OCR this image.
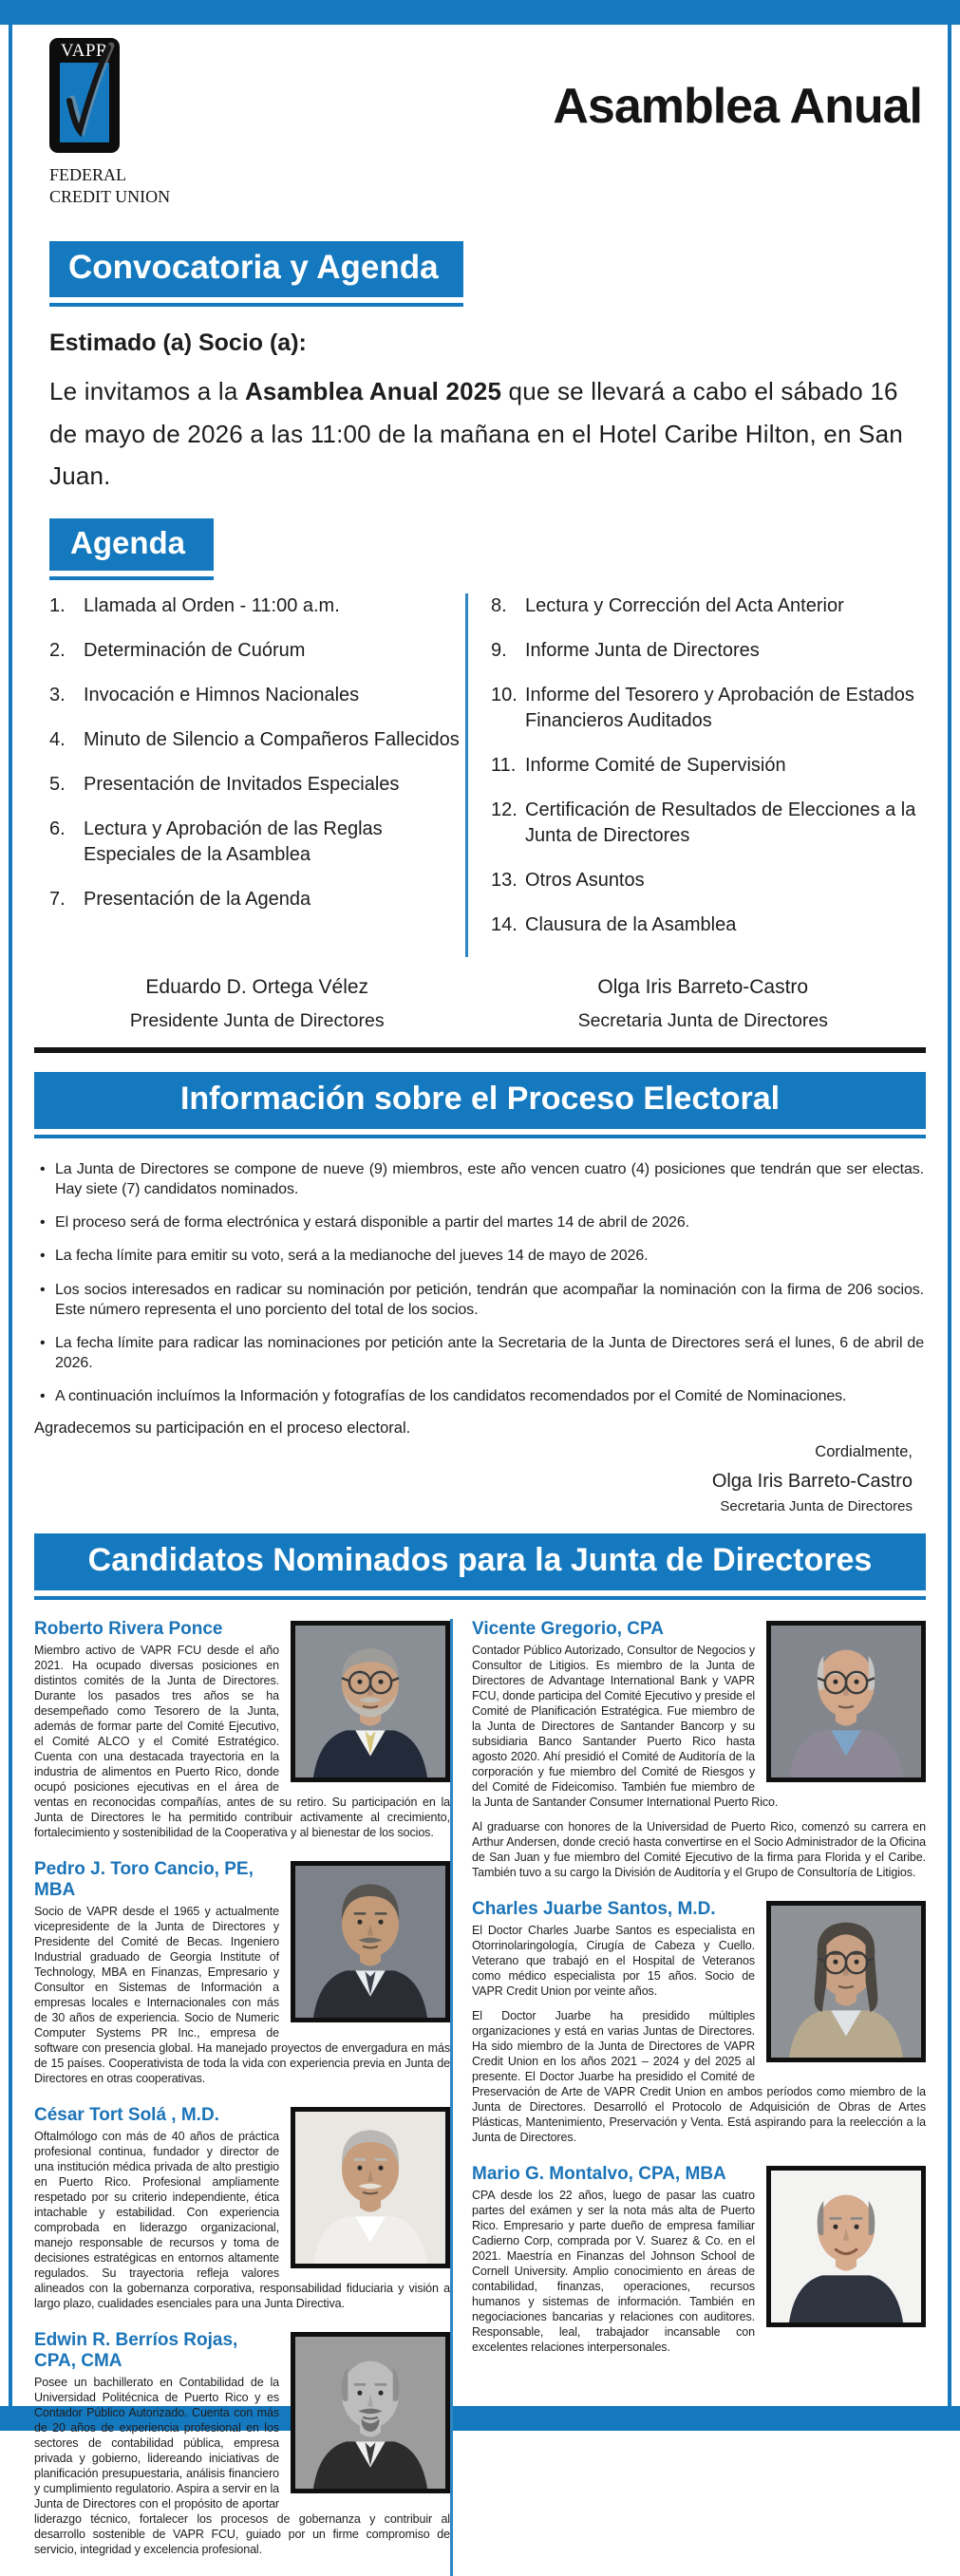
VAPR
FEDERAL
CREDIT UNION
Asamblea Anual
Convocatoria y Agenda
Estimado (a) Socio (a):

Le invitamos a la Asamblea Anual 2025 que se llevará a cabo el sábado 16 de mayo de 2026 a las 11:00 de la mañana en el Hotel Caribe Hilton, en San Juan.

Agenda
1. Llamada al Orden - 11:00 a.m.
2. Determinación de Cuórum
3. Invocación e Himnos Nacionales
4. Minuto de Silencio a Compañeros Fallecidos
5. Presentación de Invitados Especiales
6. Lectura y Aprobación de las Reglas Especiales de la Asamblea
7. Presentación de la Agenda
8. Lectura y Corrección del Acta Anterior
9. Informe Junta de Directores
10. Informe del Tesorero y Aprobación de Estados Financieros Auditados
11. Informe Comité de Supervisión
12. Certificación de Resultados de Elecciones a la Junta de Directores
13. Otros Asuntos
14. Clausura de la Asamblea
Eduardo D. Ortega Vélez
Presidente Junta de Directores
Olga Iris Barreto-Castro
Secretaria Junta de Directores
Información sobre el Proceso Electoral
• La Junta de Directores se compone de nueve (9) miembros, este año vencen cuatro (4) posiciones que tendrán que ser electas. Hay siete (7) candidatos nominados.
• El proceso será de forma electrónica y estará disponible a partir del martes 14 de abril de 2026.
• La fecha límite para emitir su voto, será a la medianoche del jueves 14 de mayo de 2026.
• Los socios interesados en radicar su nominación por petición, tendrán que acompañar la nominación con la firma de 206 socios. Este número representa el uno porciento del total de los socios.
• La fecha límite para radicar las nominaciones por petición ante la Secretaria de la Junta de Directores será el lunes, 6 de abril de 2026.
• A continuación incluímos la Información y fotografías de los candidatos recomendados por el Comité de Nominaciones.
Agradecemos su participación en el proceso electoral.
Cordialmente,
Olga Iris Barreto-Castro
Secretaria Junta de Directores
Candidatos Nominados para la Junta de Directores
Roberto Rivera Ponce

Miembro activo de VAPR FCU desde el año 2021. Ha ocupado diversas posiciones en distintos comités de la Junta de Directores. Durante los pasados tres años se ha desempeñado como Tesorero de la Junta, además de formar parte del Comité Ejecutivo, el Comité ALCO y el Comité Estratégico. Cuenta con una destacada trayectoria en la industria de alimentos en Puerto Rico, donde ocupó posiciones ejecutivas en el área de ventas en reconocidas compañías, antes de su retiro. Su participación en la Junta de Directores le ha permitido contribuir activamente al crecimiento, fortalecimiento y sostenibilidad de la Cooperativa y al bienestar de los socios.

Pedro J. Toro Cancio, PE, MBA

Socio de VAPR desde el 1965 y actualmente vicepresidente de la Junta de Directores y Presidente del Comité de Becas. Ingeniero Industrial graduado de Georgia Institute of Technology, MBA en Finanzas, Empresario y Consultor en Sistemas de Información a empresas locales e Internacionales con más de 30 años de experiencia. Socio de Numeric Computer Systems PR Inc., empresa de software con presencia global. Ha manejado proyectos de envergadura en más de 15 países. Cooperativista de toda la vida con experiencia previa en Junta de Directores en otras cooperativas.

César Tort Solá , M.D.

Oftalmólogo con más de 40 años de práctica profesional continua, fundador y director de una institución médica privada de alto prestigio en Puerto Rico. Profesional ampliamente respetado por su criterio independiente, ética intachable y estabilidad. Con experiencia comprobada en liderazgo organizacional, manejo responsable de recursos y toma de decisiones estratégicas en entornos altamente regulados. Su trayectoria refleja valores alineados con la gobernanza corporativa, responsabilidad fiduciaria y visión a largo plazo, cualidades esenciales para una Junta Directiva.

Edwin R. Berríos Rojas, CPA, CMA

Posee un bachillerato en Contabilidad de la Universidad Politécnica de Puerto Rico y es Contador Público Autorizado. Cuenta con más de 20 años de experiencia profesional en los sectores de contabilidad pública, empresa privada y gobierno, lidereando iniciativas de planificación presupuestaria, análisis financiero y cumplimiento regulatorio. Aspira a servir en la Junta de Directores con el propósito de aportar liderazgo técnico, fortalecer los procesos de gobernanza y contribuir al desarrollo sostenible de VAPR FCU, guiado por un firme compromiso de servicio, integridad y excelencia profesional.

Vicente Gregorio, CPA

Contador Público Autorizado, Consultor de Negocios y Consultor de Litigios. Es miembro de la Junta de Directores de Advantage International Bank y VAPR FCU, donde participa del Comité Ejecutivo y preside el Comité de Planificación Estratégica. Fue miembro de la Junta de Directores de Santander Bancorp y su subsidiaria Banco Santander Puerto Rico hasta agosto 2020. Ahí presidió el Comité de Auditoría de la corporación y fue miembro del Comité de Riesgos y del Comité de Fideicomiso. También fue miembro de la Junta de Santander Consumer International Puerto Rico.

Al graduarse con honores de la Universidad de Puerto Rico, comenzó su carrera en Arthur Andersen, donde creció hasta convertirse en el Socio Administrador de la Oficina de San Juan y fue miembro del Comité Ejecutivo de la firma para Florida y el Caribe. También tuvo a su cargo la División de Auditoría y el Grupo de Consultoría de Litigios.

Charles Juarbe Santos, M.D.

El Doctor Charles Juarbe Santos es especialista en Otorrinolaringología, Cirugía de Cabeza y Cuello. Veterano que trabajó en el Hospital de Veteranos como médico especialista por 15 años. Socio de VAPR Credit Union por veinte años.

El Doctor Juarbe ha presidido múltiples organizaciones y está en varias Juntas de Directores. Ha sido miembro de la Junta de Directores de VAPR Credit Union en los años 2021 – 2024 y del 2025 al presente. El Doctor Juarbe ha presidido el Comité de Preservación de Arte de VAPR Credit Union en ambos períodos como miembro de la Junta de Directores. Desarrolló el Protocolo de Adquisición de Obras de Artes Plásticas, Mantenimiento, Preservación y Venta. Está aspirando para la reelección a la Junta de Directores.

Mario G. Montalvo, CPA, MBA

CPA desde los 22 años, luego de pasar las cuatro partes del exámen y ser la nota más alta de Puerto Rico. Empresario y parte dueño de empresa familiar Cadierno Corp, comprada por V. Suarez & Co. en el 2021. Maestría en Finanzas del Johnson School de Cornell University. Amplio conocimiento en áreas de contabilidad, finanzas, operaciones, recursos humanos y sistemas de información. También en negociaciones bancarias y relaciones con auditores. Responsable, leal, trabajador incansable con excelentes relaciones interpersonales.
